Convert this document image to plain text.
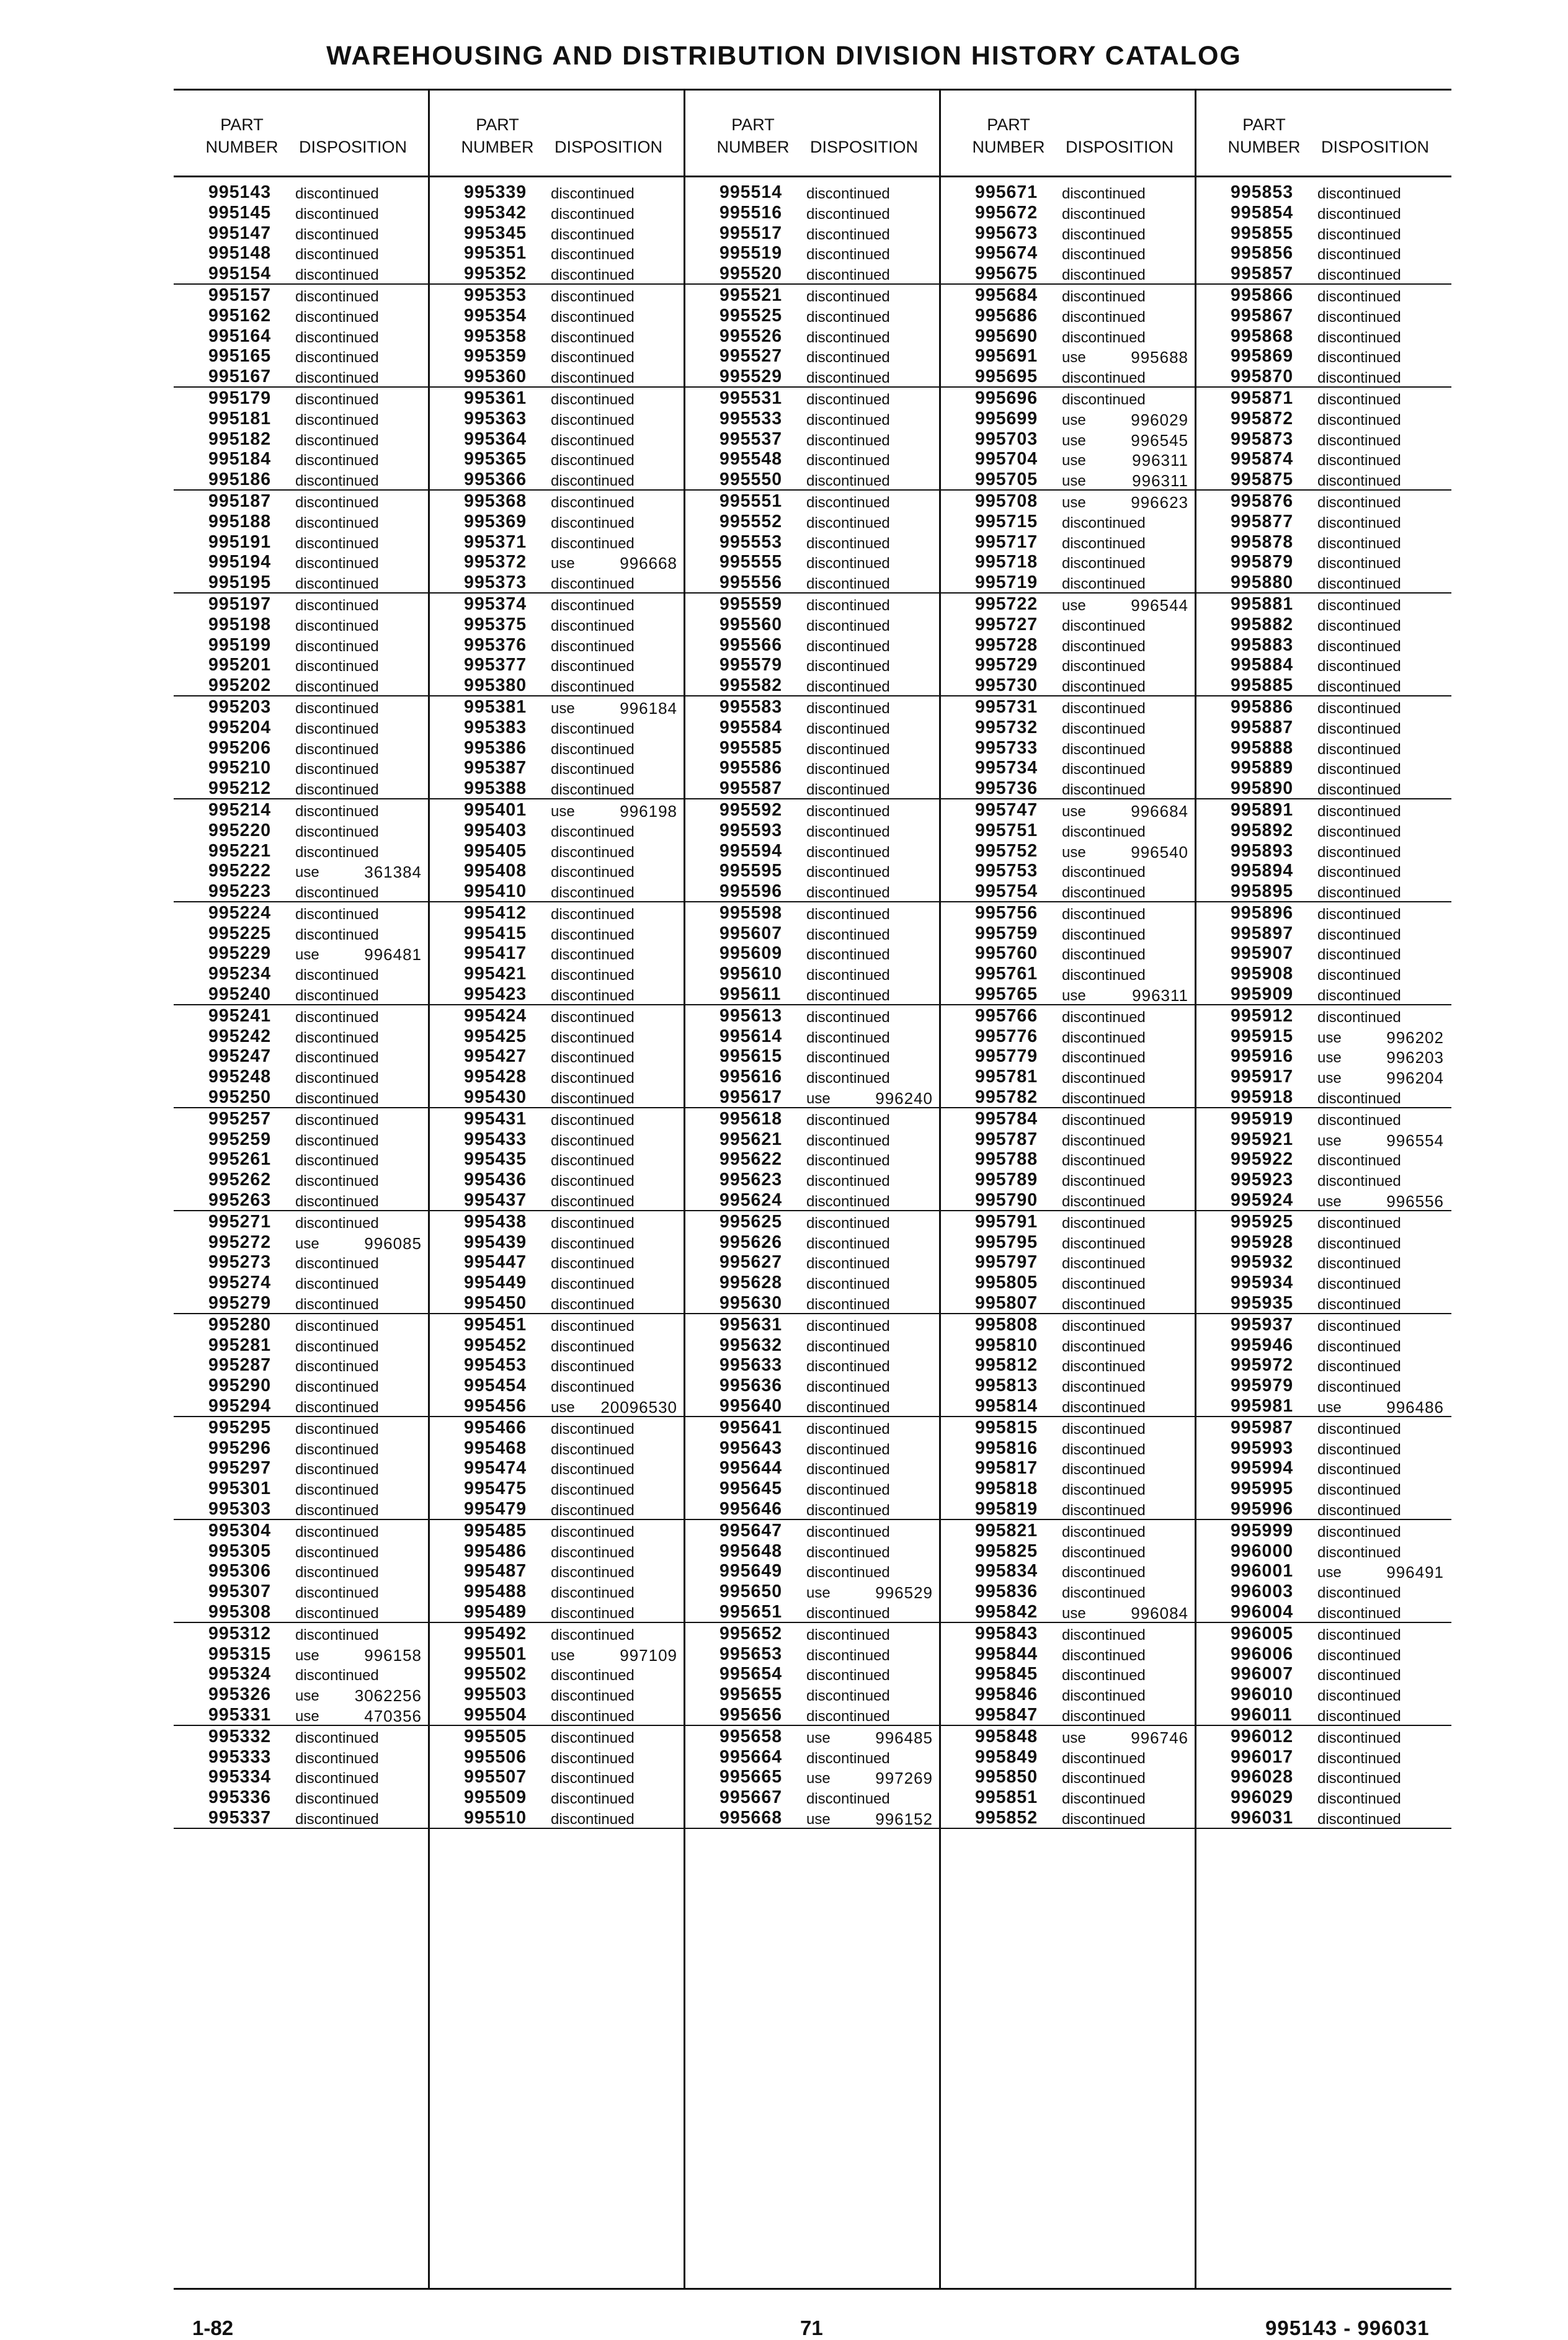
WAREHOUSING AND DISTRIBUTION DIVISION HISTORY CATALOG
PART
NUMBER	DISPOSITION
995143 discontinued
995145 discontinued
995147 discontinued
995148 discontinued
995154 discontinued
995157 discontinued
995162 discontinued
995164 discontinued
995165 discontinued
995167 discontinued
995179 discontinued
995181 discontinued
995182 discontinued
995184 discontinued
995186 discontinued
995187 discontinued
995188 discontinued
995191 discontinued
995194 discontinued
995195 discontinued
995197 discontinued
995198 discontinued
995199 discontinued
995201 discontinued
995202 discontinued
995203 discontinued
995204 discontinued
995206 discontinued
995210 discontinued
995212 discontinued
995214 discontinued
995220 discontinued
995221 discontinued
995222 use	361384
995223 discontinued
995224 discontinued
995225 discontinued
995229 use	996481
995234 discontinued
995240 discontinued
995241 discontinued
995242 discontinued
995247 discontinued
995248 discontinued
995250 discontinued
995257 discontinued
995259 discontinued
995261 discontinued
995262 discontinued
995263 discontinued
995271 discontinued
995272 use	996085
995273 discontinued
995274 discontinued
995279 discontinued
995280 discontinued
995281 discontinued
995287 discontinued
995290 discontinued
995294 discontinued
995295 discontinued
995296 discontinued
995297 discontinued
995301 discontinued
995303 discontinued
995304 discontinued
995305 discontinued
995306 discontinued
995307 discontinued
995308 discontinued
995312 discontinued
995315 use	996158
995324 discontinued
995326 use 3062256
995331 use	470356
995332 discontinued
995333 discontinued
995334 discontinued
995336 discontinued
995337 discontinued
PART
NUMBER	DISPOSITION
995339 discontinued
995342 discontinued
995345 discontinued
995351 discontinued
995352 discontinued
995353 discontinued
995354 discontinued
995358 discontinued
995359 discontinued
995360 discontinued
995361 discontinued
995363 discontinued
995364 discontinued
995365 discontinued
995366 discontinued
995368 discontinued
995369 discontinued
995371 discontinued
995372 use	996668
995373 discontinued
995374 discontinued
995375 discontinued
995376 discontinued
995377 discontinued
995380 discontinued
995381 use	996184
995383 discontinued
995386 discontinued
995387 discontinued
995388 discontinued
995401 use	996198
995403 discontinued
995405 discontinued
995408 discontinued
995410 discontinued
995412 discontinued
995415 discontinued
995417 discontinued
995421 discontinued
995423 discontinued
995424 discontinued
995425 discontinued
995427 discontinued
995428 discontinued
995430 discontinued
995431 discontinued
995433 discontinued
995435 discontinued
995436 discontinued
995437 discontinued
995438 discontinued
995439 discontinued
995447 discontinued
995449 discontinued
995450 discontinued
995451 discontinued
995452 discontinued
995453 discontinued
995454 discontinued
995456 use 20096530
995466 discontinued
995468 discontinued
995474 discontinued
995475 discontinued
995479 discontinued
995485 discontinued
995486 discontinued
995487 discontinued
995488 discontinued
995489 discontinued
995492 discontinued
995501 use	997109
995502 discontinued
995503 discontinued
995504 discontinued
995505 discontinued
995506 discontinued
995507 discontinued
995509 discontinued
995510 discontinued
PART
NUMBER	DISPOSITION
995514 discontinued
995516 discontinued
995517 discontinued
995519 discontinued
995520 discontinued
995521 discontinued
995525 discontinued
995526 discontinued
995527 discontinued
995529 discontinued
995531 discontinued
995533 discontinued
995537 discontinued
995548 discontinued
995550 discontinued
995551 discontinued
995552 discontinued
995553 discontinued
995555 discontinued
995556 discontinued
995559 discontinued
995560 discontinued
995566 discontinued
995579 discontinued
995582 discontinued
995583 discontinued
995584 discontinued
995585 discontinued
995586 discontinued
995587 discontinued
995592 discontinued
995593 discontinued
995594 discontinued
995595 discontinued
995596 discontinued
995598 discontinued
995607 discontinued
995609 discontinued
995610 discontinued
995611 discontinued
995613 discontinued
995614 discontinued
995615 discontinued
995616 discontinued
995617 use	996240
995618 discontinued
995621 discontinued
995622 discontinued
995623 discontinued
995624 discontinued
995625 discontinued
995626 discontinued
995627 discontinued
995628 discontinued
995630 discontinued
995631 discontinued
995632 discontinued
995633 discontinued
995636 discontinued
995640 discontinued
995641 discontinued
995643 discontinued
995644 discontinued
995645 discontinued
995646 discontinued
995647 discontinued
995648 discontinued
995649 discontinued
995650 use	996529
995651 discontinued
995652 discontinued
995653 discontinued
995654 discontinued
995655 discontinued
995656 discontinued
995658 use	996485
995664 discontinued
995665 use	997269
995667 discontinued
995668 use	996152
PART
NUMBER	DISPOSITION
995671 discontinued
995672 discontinued
995673 discontinued
995674 discontinued
995675 discontinued
995684 discontinued
995686 discontinued
995690 discontinued
995691 use	995688
995695 discontinued
995696 discontinued
995699 use	996029
995703 use	996545
995704 use	996311
995705 use	996311
995708 use	996623
995715 discontinued
995717 discontinued
995718 discontinued
995719 discontinued
995722 use	996544
995727 discontinued
995728 discontinued
995729 discontinued
995730 discontinued
995731 discontinued
995732 discontinued
995733 discontinued
995734 discontinued
995736 discontinued
995747 use	996684
995751 discontinued
995752 use	996540
995753 discontinued
995754 discontinued
995756 discontinued
995759 discontinued
995760 discontinued
995761 discontinued
995765 use	996311
995766 discontinued
995776 discontinued
995779 discontinued
995781 discontinued
995782 discontinued
995784 discontinued
995787 discontinued
995788 discontinued
995789 discontinued
995790 discontinued
995791 discontinued
995795 discontinued
995797 discontinued
995805 discontinued
995807 discontinued
995808 discontinued
995810 discontinued
995812 discontinued
995813 discontinued
995814 discontinued
995815 discontinued
995816 discontinued
995817 discontinued
995818 discontinued
995819 discontinued
995821 discontinued
995825 discontinued
995834 discontinued
995836 discontinued
995842 use	996084
995843 discontinued
995844 discontinued
995845 discontinued
995846 discontinued
995847 discontinued
995848 use	996746
995849 discontinued
995850 discontinued
995851 discontinued
995852 discontinued
PART
NUMBER	DISPOSITION
995853 discontinued
995854 discontinued
995855 discontinued
995856 discontinued
995857 discontinued
995866 discontinued
995867 discontinued
995868 discontinued
995869 discontinued
995870 discontinued
995871 discontinued
995872 discontinued
995873 discontinued
995874 discontinued
995875 discontinued
995876 discontinued
995877 discontinued
995878 discontinued
995879 discontinued
995880 discontinued
995881 discontinued
995882 discontinued
995883 discontinued
995884 discontinued
995885 discontinued
995886 discontinued
995887 discontinued
995888 discontinued
995889 discontinued
995890 discontinued
995891 discontinued
995892 discontinued
995893 discontinued
995894 discontinued
995895 discontinued
995896 discontinued
995897 discontinued
995907 discontinued
995908 discontinued
995909 discontinued
995912 discontinued
995915 use	996202
995916 use	996203
995917 use	996204
995918 discontinued
995919 discontinued
995921 use	996554
995922 discontinued
995923 discontinued
995924 use	996556
995925 discontinued
995928 discontinued
995932 discontinued
995934 discontinued
995935 discontinued
995937 discontinued
995946 discontinued
995972 discontinued
995979 discontinued
995981 use	996486
995987 discontinued
995993 discontinued
995994 discontinued
995995 discontinued
995996 discontinued
995999 discontinued
996000 discontinued
996001 use	996491
996003 discontinued
996004 discontinued
996005 discontinued
996006 discontinued
996007 discontinued
996010 discontinued
996011 discontinued
996012 discontinued
996017 discontinued
996028 discontinued
996029 discontinued
996031 discontinued
1-82	71	995143 - 996031
